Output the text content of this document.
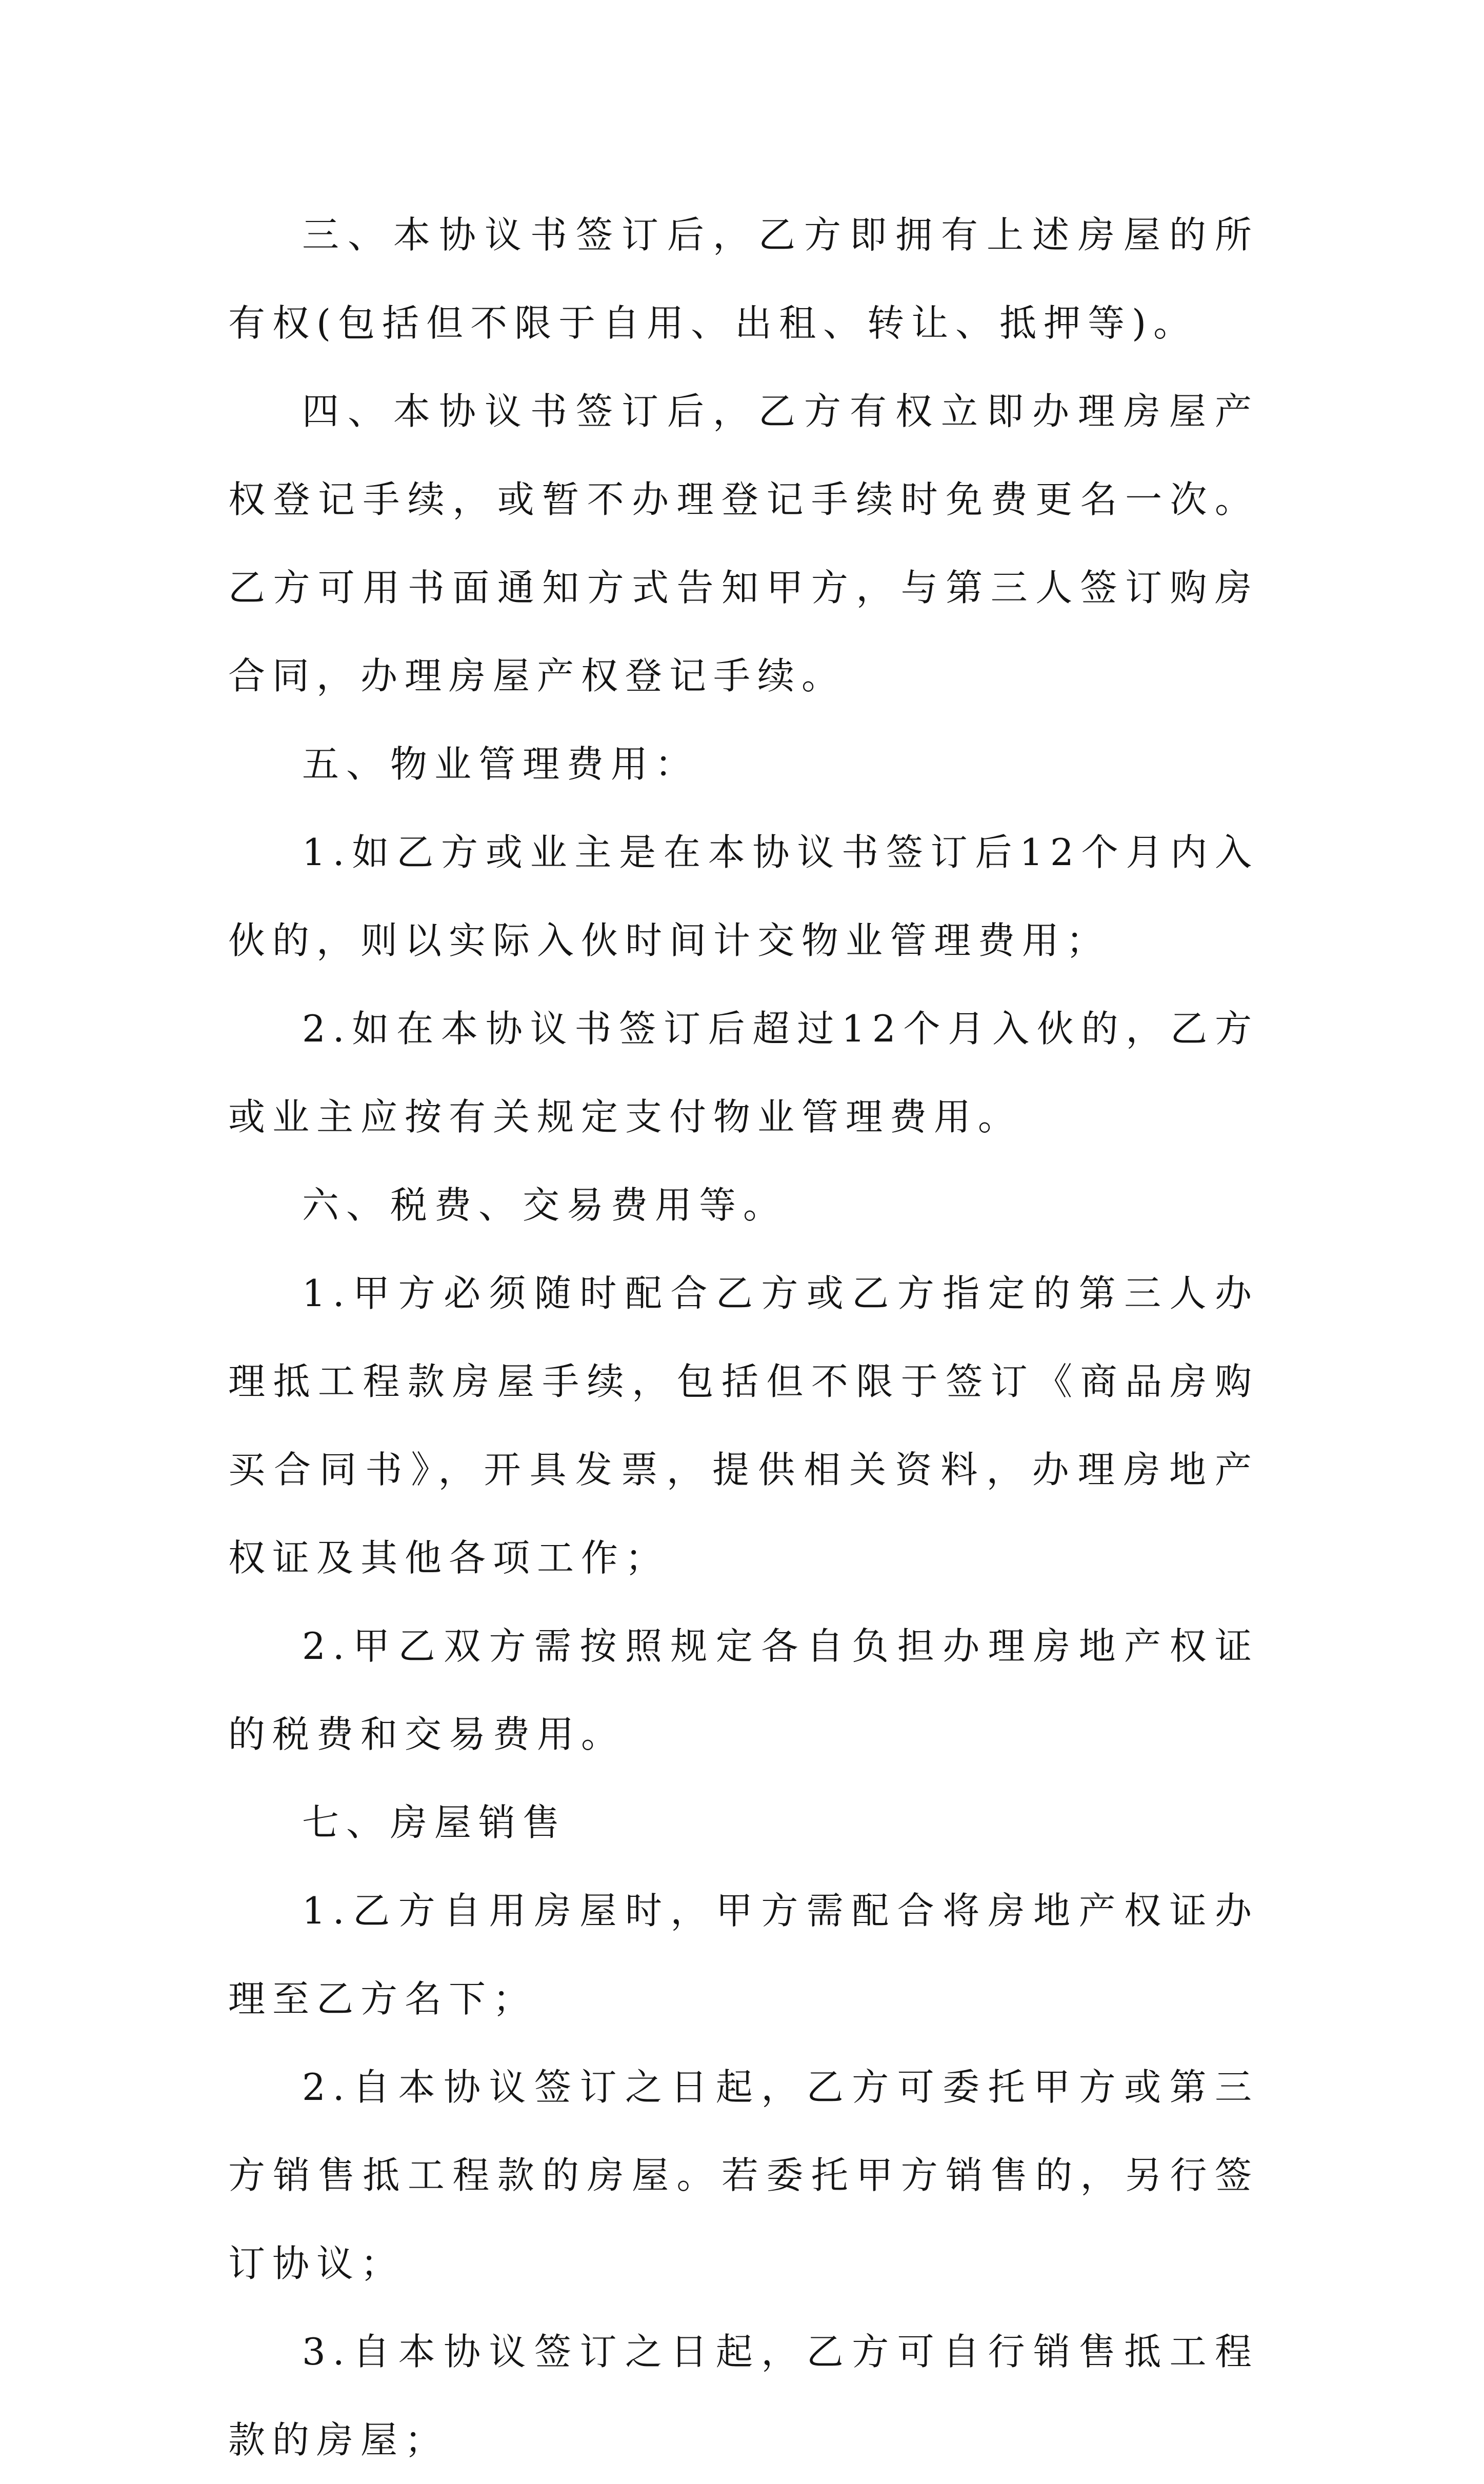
三、本协议书签订后，乙方即拥有上述房屋的所有权(包括但不限于自用、出租、转让、抵押等)。

四、本协议书签订后，乙方有权立即办理房屋产权登记手续，或暂不办理登记手续时免费更名一次。乙方可用书面通知方式告知甲方，与第三人签订购房合同，办理房屋产权登记手续。

五、物业管理费用：

1.如乙方或业主是在本协议书签订后12个月内入伙的，则以实际入伙时间计交物业管理费用；

2.如在本协议书签订后超过12个月入伙的，乙方或业主应按有关规定支付物业管理费用。

六、税费、交易费用等。

1.甲方必须随时配合乙方或乙方指定的第三人办理抵工程款房屋手续，包括但不限于签订《商品房购买合同书》，开具发票，提供相关资料，办理房地产权证及其他各项工作；

2.甲乙双方需按照规定各自负担办理房地产权证的税费和交易费用。

七、房屋销售

1.乙方自用房屋时，甲方需配合将房地产权证办理至乙方名下；

2.自本协议签订之日起，乙方可委托甲方或第三方销售抵工程款的房屋。若委托甲方销售的，另行签订协议；

3.自本协议签订之日起，乙方可自行销售抵工程款的房屋；
